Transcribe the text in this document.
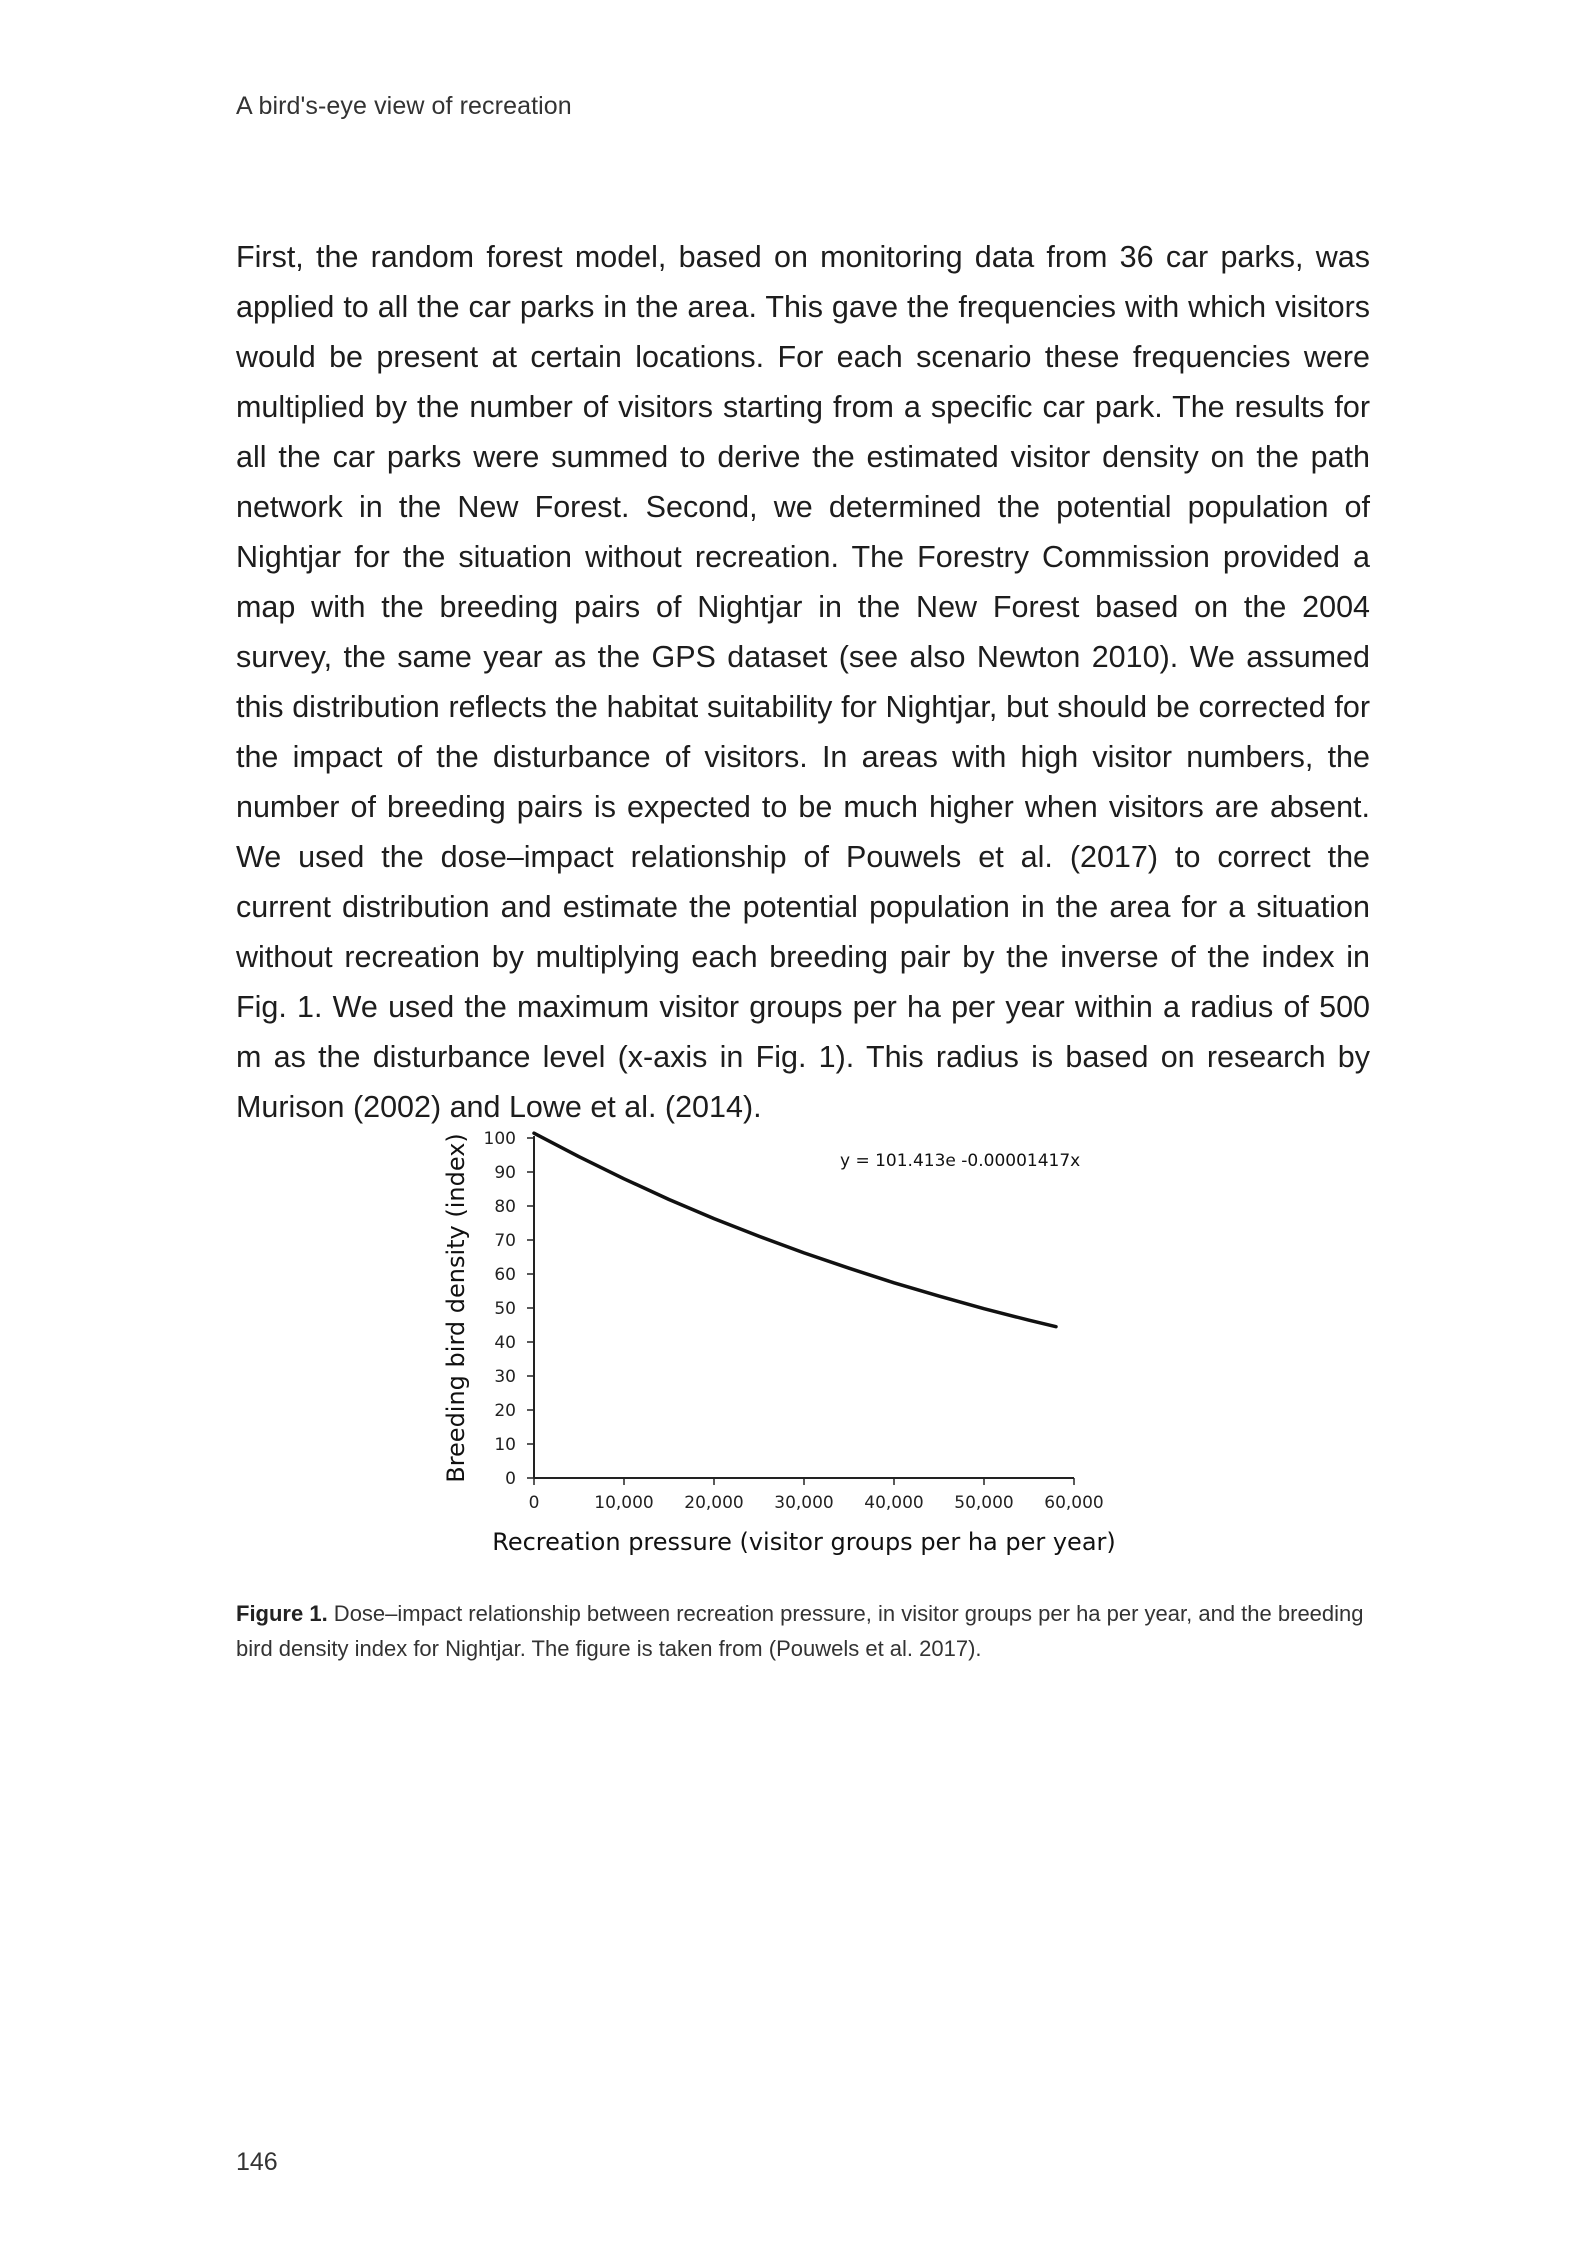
A bird's-eye view of recreation

First, the random forest model, based on monitoring data from 36 car parks, was applied to all the car parks in the area. This gave the frequencies with which visitors would be present at certain locations. For each scenario these frequencies were multiplied by the number of visitors starting from a specific car park. The results for all the car parks were summed to derive the estimated visitor density on the path network in the New Forest. Second, we determined the potential population of Nightjar for the situation without recreation. The Forestry Commission provided a map with the breeding pairs of Nightjar in the New Forest based on the 2004 survey, the same year as the GPS dataset (see also Newton 2010). We assumed this distribution reflects the habitat suitability for Nightjar, but should be corrected for the impact of the disturbance of visitors. In areas with high visitor numbers, the number of breeding pairs is expected to be much higher when visitors are absent. We used the dose–impact relationship of Pouwels et al. (2017) to correct the current distribution and estimate the potential population in the area for a situation without recreation by multiplying each breeding pair by the inverse of the index in Fig. 1. We used the maximum visitor groups per ha per year within a radius of 500 m as the disturbance level (x-axis in Fig. 1). This radius is based on research by Murison (2002) and Lowe et al. (2014).

0
10
20
30
40
50
60
70
80
90
100
0	10,000 20,000 30,000 40,000 50,000 60,000
y = 101.413e -0.00001417x
Recreation pressure (visitor groups per ha per year)
Breeding bird density (index)

Figure 1. Dose–impact relationship between recreation pressure, in visitor groups per ha per year, and the breeding bird density index for Nightjar. The figure is taken from (Pouwels et al. 2017).

146
